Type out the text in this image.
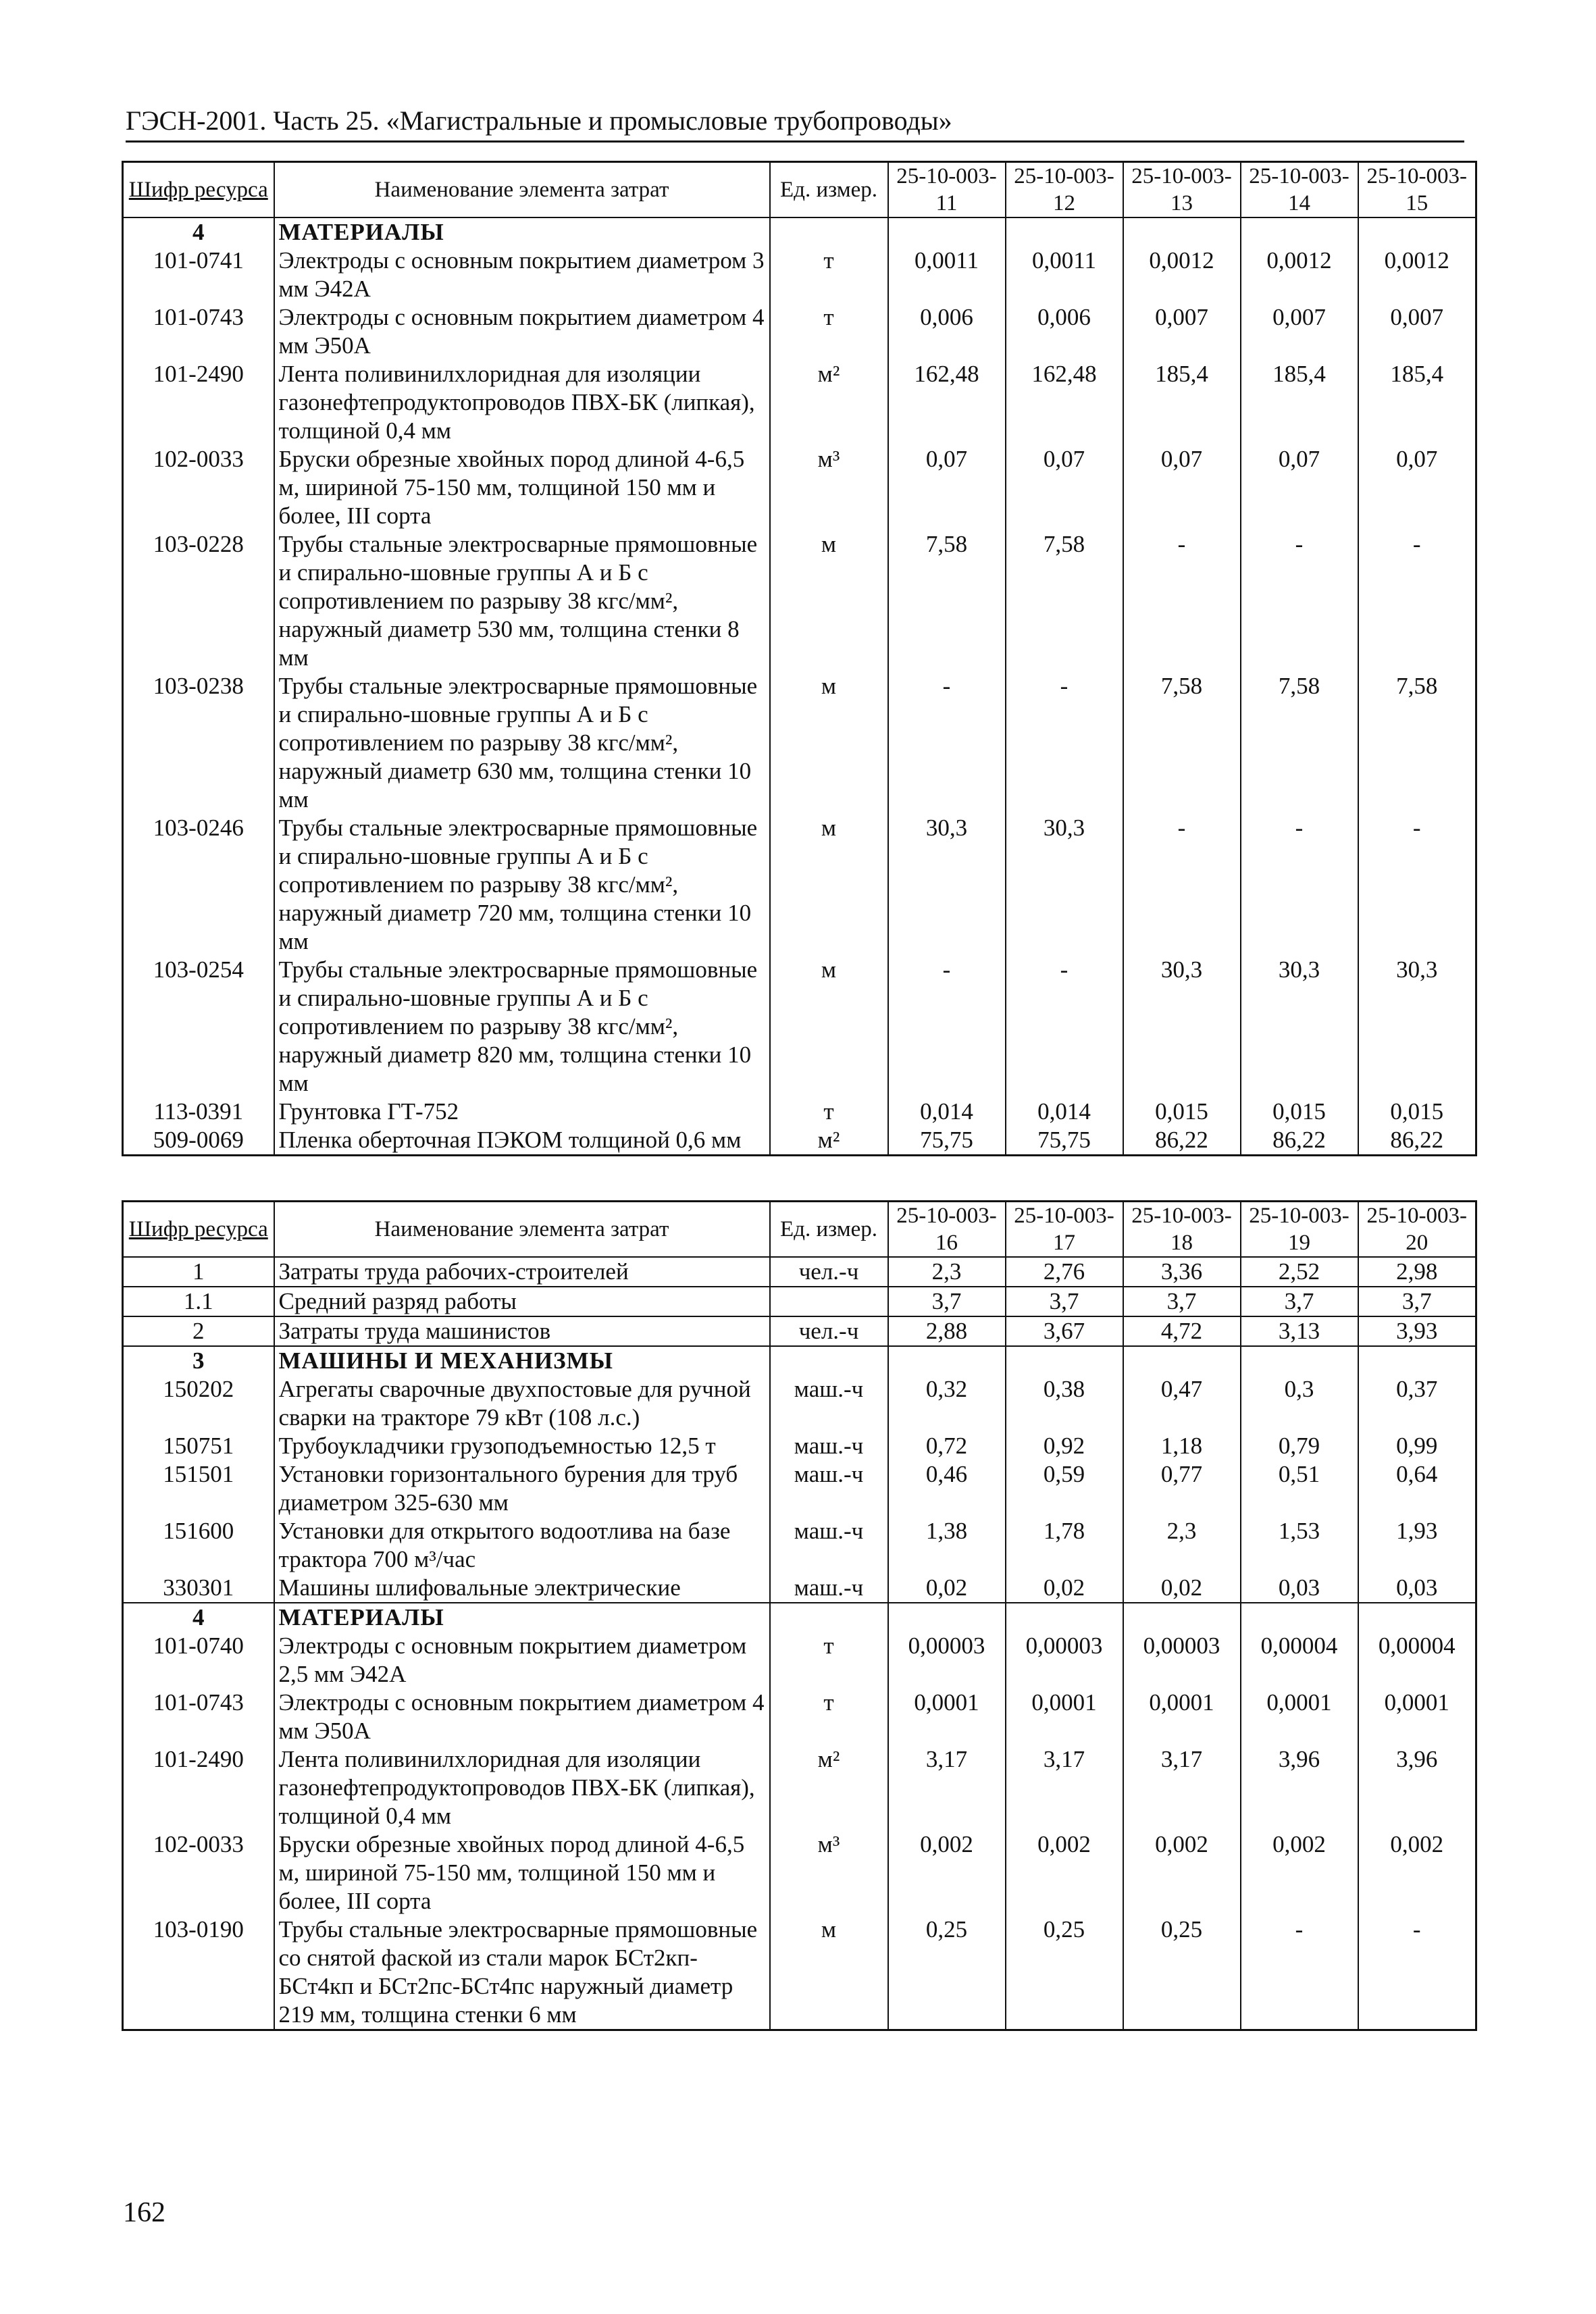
ГЭСН-2001. Часть 25. «Магистральные и промысловые трубопроводы»
Шифр ресурса	Наименование элемента затрат	Ед. измер.	25-10-003-11	25-10-003-12	25-10-003-13	25-10-003-14	25-10-003-15
4	МАТЕРИАЛЫ						
101-0741	Электроды с основным покрытием диаметром 3 мм Э42А	т	0,0011	0,0011	0,0012	0,0012	0,0012
101-0743	Электроды с основным покрытием диаметром 4 мм Э50А	т	0,006	0,006	0,007	0,007	0,007
101-2490	Лента поливинилхлоридная для изоляции газонефтепродуктопроводов ПВХ-БК (липкая), толщиной 0,4 мм	м²	162,48	162,48	185,4	185,4	185,4
102-0033	Бруски обрезные хвойных пород длиной 4-6,5 м, шириной 75-150 мм, толщиной 150 мм и более, III сорта	м³	0,07	0,07	0,07	0,07	0,07
103-0228	Трубы стальные электросварные прямошовные и спирально-шовные группы А и Б с сопротивлением по разрыву 38 кгс/мм², наружный диаметр 530 мм, толщина стенки 8 мм	м	7,58	7,58	-	-	-
103-0238	Трубы стальные электросварные прямошовные и спирально-шовные группы А и Б с сопротивлением по разрыву 38 кгс/мм², наружный диаметр 630 мм, толщина стенки 10 мм	м	-	-	7,58	7,58	7,58
103-0246	Трубы стальные электросварные прямошовные и спирально-шовные группы А и Б с сопротивлением по разрыву 38 кгс/мм², наружный диаметр 720 мм, толщина стенки 10 мм	м	30,3	30,3	-	-	-
103-0254	Трубы стальные электросварные прямошовные и спирально-шовные группы А и Б с сопротивлением по разрыву 38 кгс/мм², наружный диаметр 820 мм, толщина стенки 10 мм	м	-	-	30,3	30,3	30,3
113-0391	Грунтовка ГТ-752	т	0,014	0,014	0,015	0,015	0,015
509-0069	Пленка оберточная ПЭКОМ толщиной 0,6 мм	м²	75,75	75,75	86,22	86,22	86,22
Шифр ресурса	Наименование элемента затрат	Ед. измер.	25-10-003-16	25-10-003-17	25-10-003-18	25-10-003-19	25-10-003-20
1	Затраты труда рабочих-строителей	чел.-ч	2,3	2,76	3,36	2,52	2,98
1.1	Средний разряд работы		3,7	3,7	3,7	3,7	3,7
2	Затраты труда машинистов	чел.-ч	2,88	3,67	4,72	3,13	3,93
3	МАШИНЫ И МЕХАНИЗМЫ						
150202	Агрегаты сварочные двухпостовые для ручной сварки на тракторе 79 кВт (108 л.с.)	маш.-ч	0,32	0,38	0,47	0,3	0,37
150751	Трубоукладчики грузоподъемностью 12,5 т	маш.-ч	0,72	0,92	1,18	0,79	0,99
151501	Установки горизонтального бурения для труб диаметром 325-630 мм	маш.-ч	0,46	0,59	0,77	0,51	0,64
151600	Установки для открытого водоотлива на базе трактора 700 м³/час	маш.-ч	1,38	1,78	2,3	1,53	1,93
330301	Машины шлифовальные электрические	маш.-ч	0,02	0,02	0,02	0,03	0,03
4	МАТЕРИАЛЫ						
101-0740	Электроды с основным покрытием диаметром 2,5 мм Э42А	т	0,00003	0,00003	0,00003	0,00004	0,00004
101-0743	Электроды с основным покрытием диаметром 4 мм Э50А	т	0,0001	0,0001	0,0001	0,0001	0,0001
101-2490	Лента поливинилхлоридная для изоляции газонефтепродуктопроводов ПВХ-БК (липкая), толщиной 0,4 мм	м²	3,17	3,17	3,17	3,96	3,96
102-0033	Бруски обрезные хвойных пород длиной 4-6,5 м, шириной 75-150 мм, толщиной 150 мм и более, III сорта	м³	0,002	0,002	0,002	0,002	0,002
103-0190	Трубы стальные электросварные прямошовные со снятой фаской из стали марок БСт2кп-БСт4кп и БСт2пс-БСт4пс наружный диаметр 219 мм, толщина стенки 6 мм	м	0,25	0,25	0,25	-	-
162
